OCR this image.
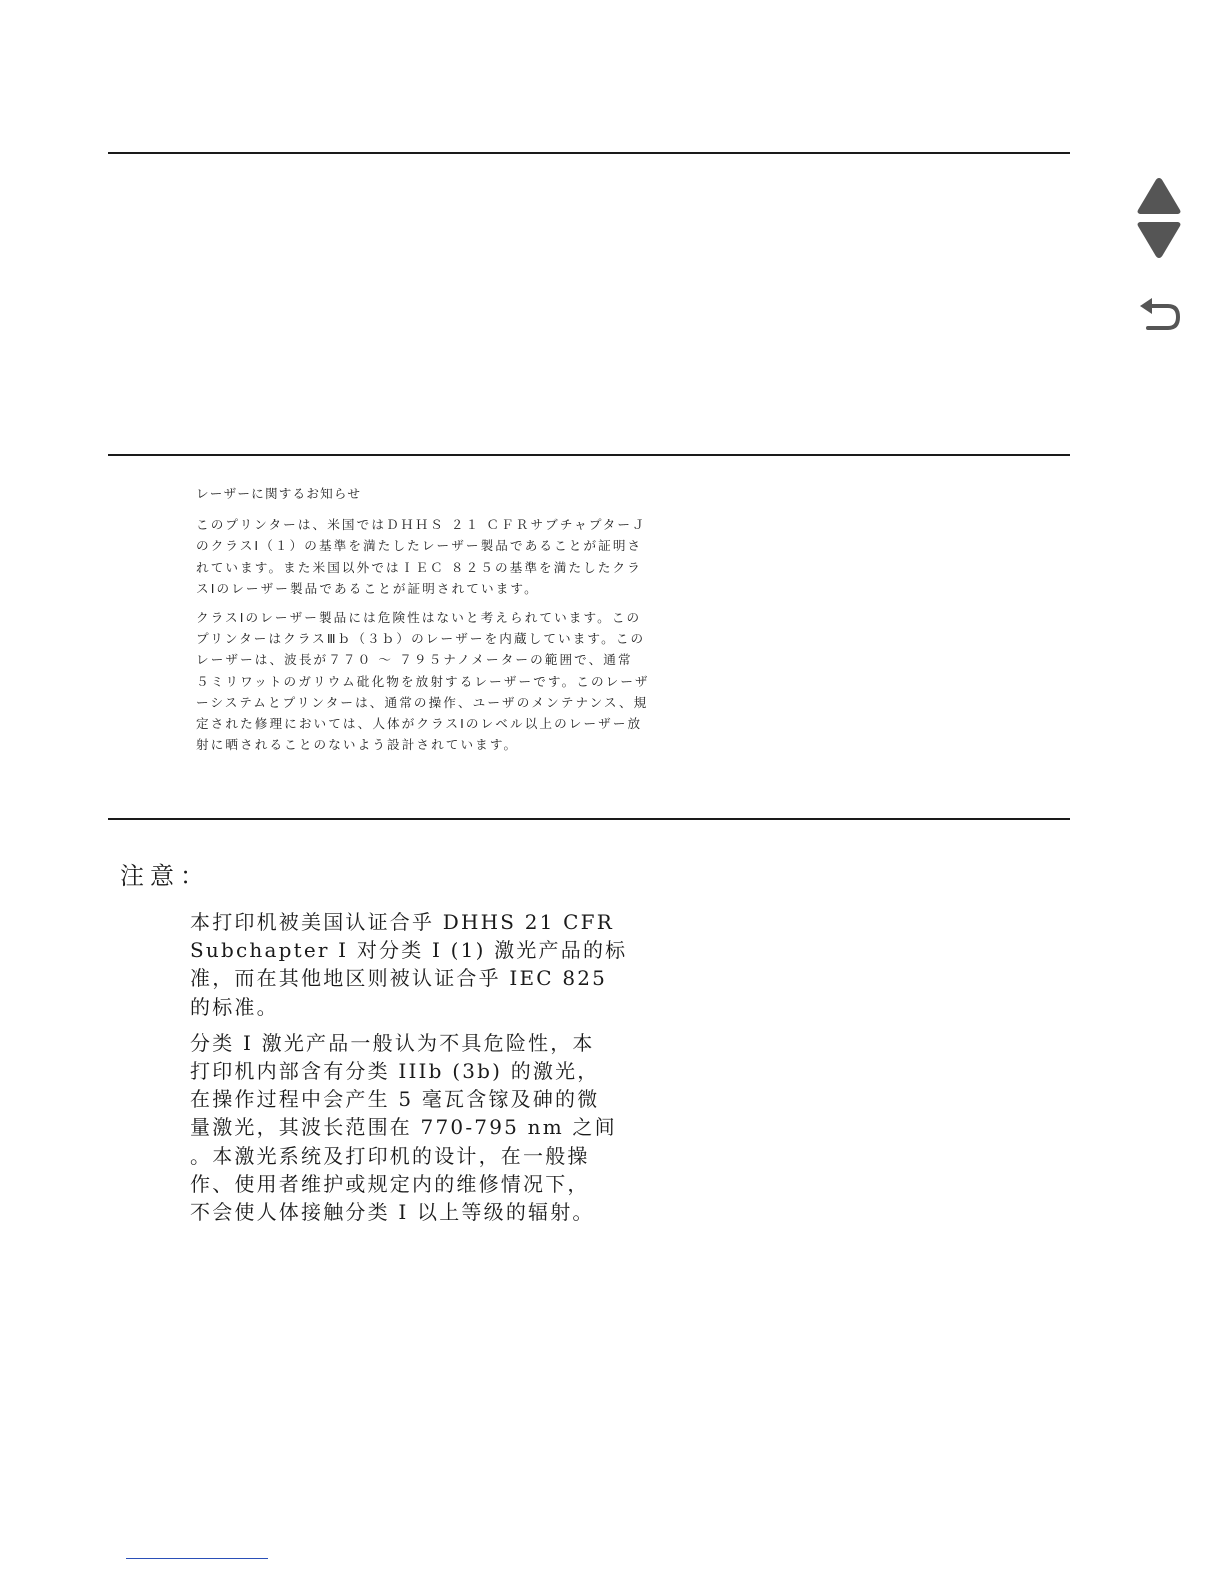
レーザーに関するお知らせ

このプリンターは、米国ではＤＨＨＳ ２１ ＣＦＲサブチャプターＪ
のクラスⅠ（１）の基準を満たしたレーザー製品であることが証明さ
れています。また米国以外ではＩＥＣ ８２５の基準を満たしたクラ
スⅠのレーザー製品であることが証明されています。

クラスⅠのレーザー製品には危険性はないと考えられています。この
プリンターはクラスⅢｂ（３ｂ）のレーザーを内蔵しています。この
レーザーは、波長が７７０ ～ ７９５ナノメーターの範囲で、通常
５ミリワットのガリウム砒化物を放射するレーザーです。このレーザ
ーシステムとプリンターは、通常の操作、ユーザのメンテナンス、規
定された修理においては、人体がクラスⅠのレベル以上のレーザー放
射に晒されることのないよう設計されています。

注意：

本打印机被美国认证合乎 DHHS 21 CFR
Subchapter I 对分类 I (1) 激光产品的标
准，而在其他地区则被认证合乎 IEC 825
的标准。

分类 I 激光产品一般认为不具危险性，本
打印机内部含有分类 IIIb (3b) 的激光，
在操作过程中会产生 5 毫瓦含镓及砷的微
量激光，其波长范围在 770-795 nm 之间
。本激光系统及打印机的设计，在一般操
作、使用者维护或规定内的维修情况下，
不会使人体接触分类 I 以上等级的辐射。
